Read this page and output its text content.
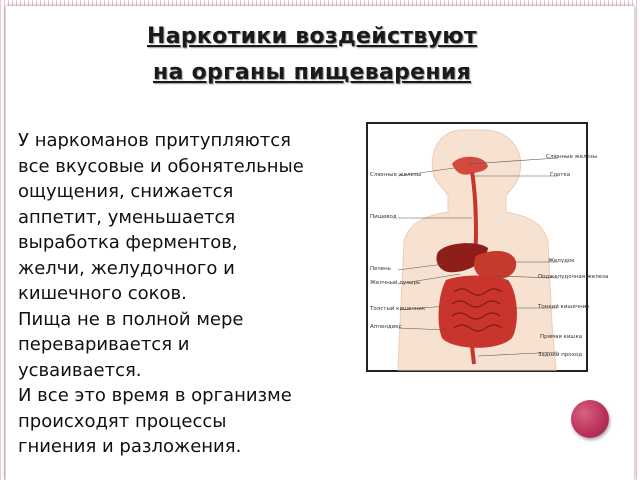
Наркотики воздействуют
на органы пищеварения
У наркоманов притупляются
все вкусовые и обонятельные
ощущения, снижается
аппетит, уменьшается
выработка ферментов,
желчи, желудочного и
кишечного соков.
Пища не в полной мере
переваривается и
усваивается.
И все это время в организме
происходят процессы
гниения и разложения.
Слюнные железы
Пищевод
Печень
Желчный пузырь
Толстый кишечник
Аппендикс
Слюнные железы
Глотка
Желудок
Поджелудочная железа
Тонкий кишечник
Прямая кишка
Задний проход
